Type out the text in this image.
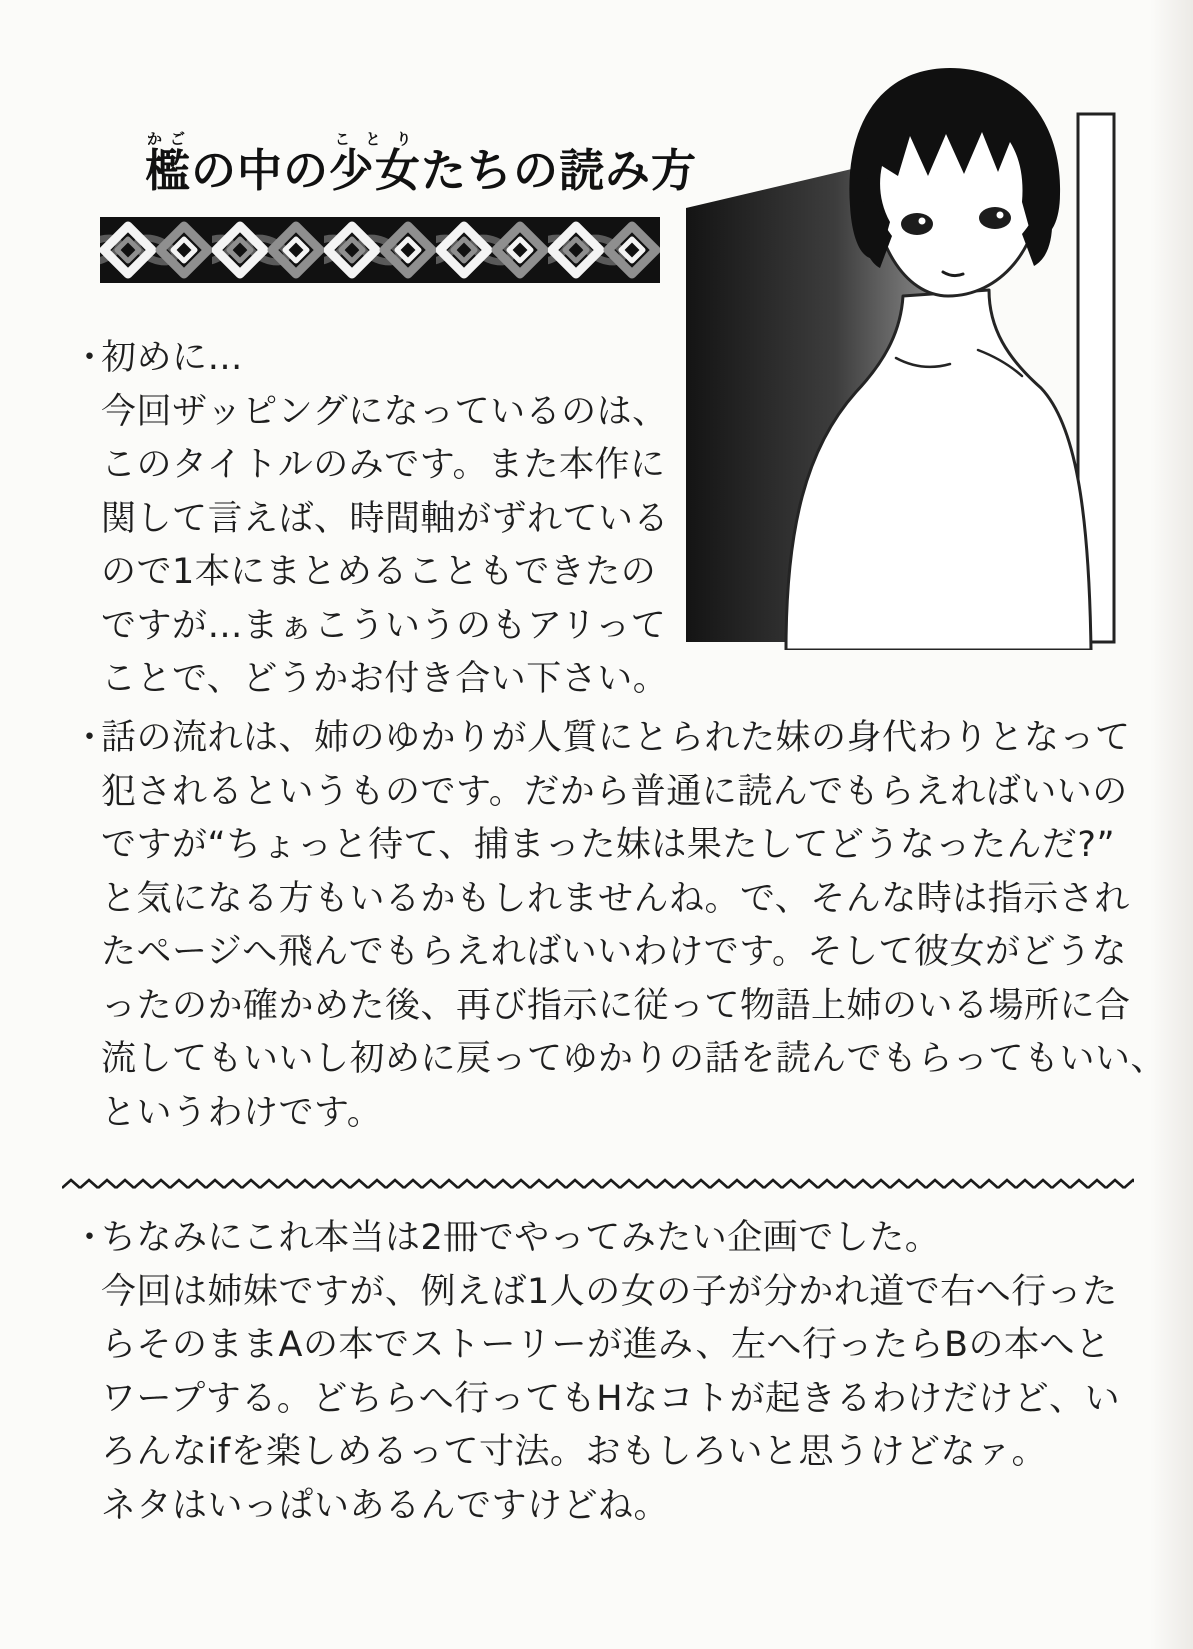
檻かごの中の少女ことりたちの読み方
・初めに…
今回ザッピングになっているのは、
このタイトルのみです。また本作に
関して言えば、時間軸がずれている
ので1本にまとめることもできたの
ですが…まぁこういうのもアリって
ことで、どうかお付き合い下さい。
・話の流れは、姉のゆかりが人質にとられた妹の身代わりとなって
犯されるというものです。だから普通に読んでもらえればいいの
ですが“ちょっと待て、捕まった妹は果たしてどうなったんだ?”
と気になる方もいるかもしれませんね。で、そんな時は指示され
たページへ飛んでもらえればいいわけです。そして彼女がどうな
ったのか確かめた後、再び指示に従って物語上姉のいる場所に合
流してもいいし初めに戻ってゆかりの話を読んでもらってもいい、
というわけです。
・ちなみにこれ本当は2冊でやってみたい企画でした。
今回は姉妹ですが、例えば1人の女の子が分かれ道で右へ行った
らそのままAの本でストーリーが進み、左へ行ったらBの本へと
ワープする。どちらへ行ってもHなコトが起きるわけだけど、い
ろんなifを楽しめるって寸法。おもしろいと思うけどなァ。
ネタはいっぱいあるんですけどね。
